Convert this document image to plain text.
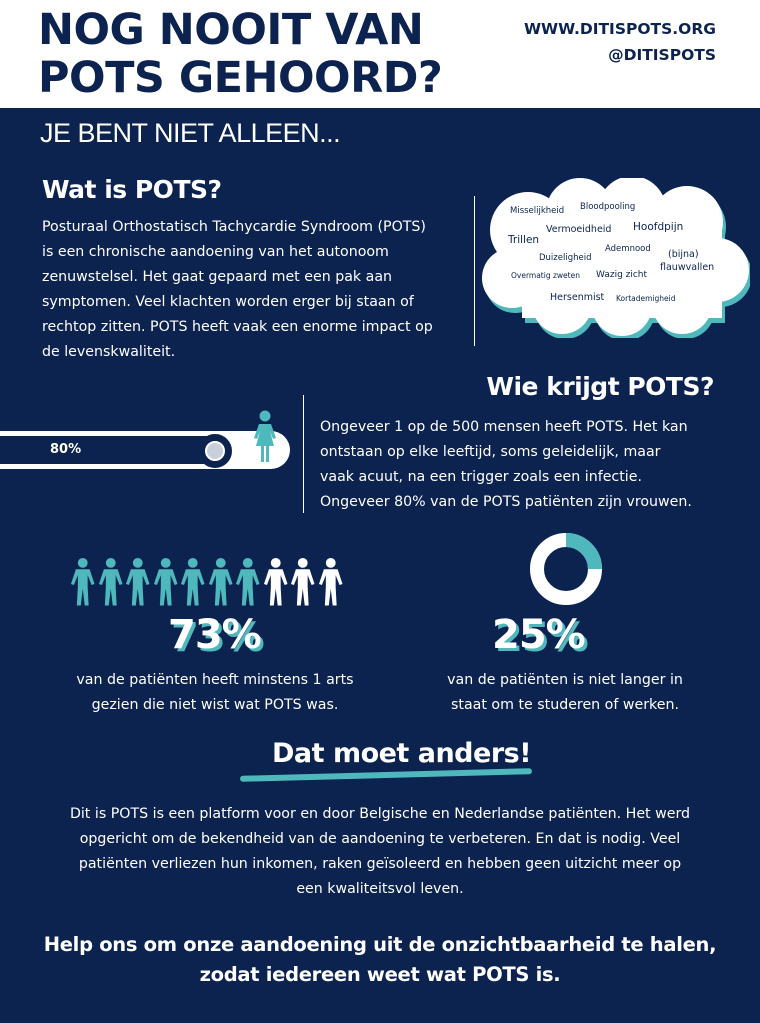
NOG NOOIT VAN
POTS GEHOORD?
WWW.DITISPOTS.ORG
@DITISPOTS
JE BENT NIET ALLEEN...
Wat is POTS?
Posturaal Orthostatisch Tachycardie Syndroom (POTS)
is een chronische aandoening van het autonoom
zenuwstelsel. Het gaat gepaard met een pak aan
symptomen. Veel klachten worden erger bij staan of
rechtop zitten. POTS heeft vaak een enorme impact op
de levenskwaliteit.
Misselijkheid Bloodpooling
Trillen
Vermoeidheid Hoofdpijn
Ademnood
Duizeligheid	(bijna)
flauwvallen
Overmatig zweten Wazig zicht
Hersenmist Kortademigheid
Wie krijgt POTS?
80%
Ongeveer 1 op de 500 mensen heeft POTS. Het kan
ontstaan op elke leeftijd, soms geleidelijk, maar
vaak acuut, na een trigger zoals een infectie.
Ongeveer 80% van de POTS patiënten zijn vrouwen.
73%	25%
van de patiënten heeft minstens 1 arts
gezien die niet wist wat POTS was.
van de patiënten is niet langer in
staat om te studeren of werken.
Dat moet anders!
Dit is POTS is een platform voor en door Belgische en Nederlandse patiënten. Het werd
opgericht om de bekendheid van de aandoening te verbeteren. En dat is nodig. Veel
patiënten verliezen hun inkomen, raken geïsoleerd en hebben geen uitzicht meer op
een kwaliteitsvol leven.
Help ons om onze aandoening uit de onzichtbaarheid te halen,
zodat iedereen weet wat POTS is.
